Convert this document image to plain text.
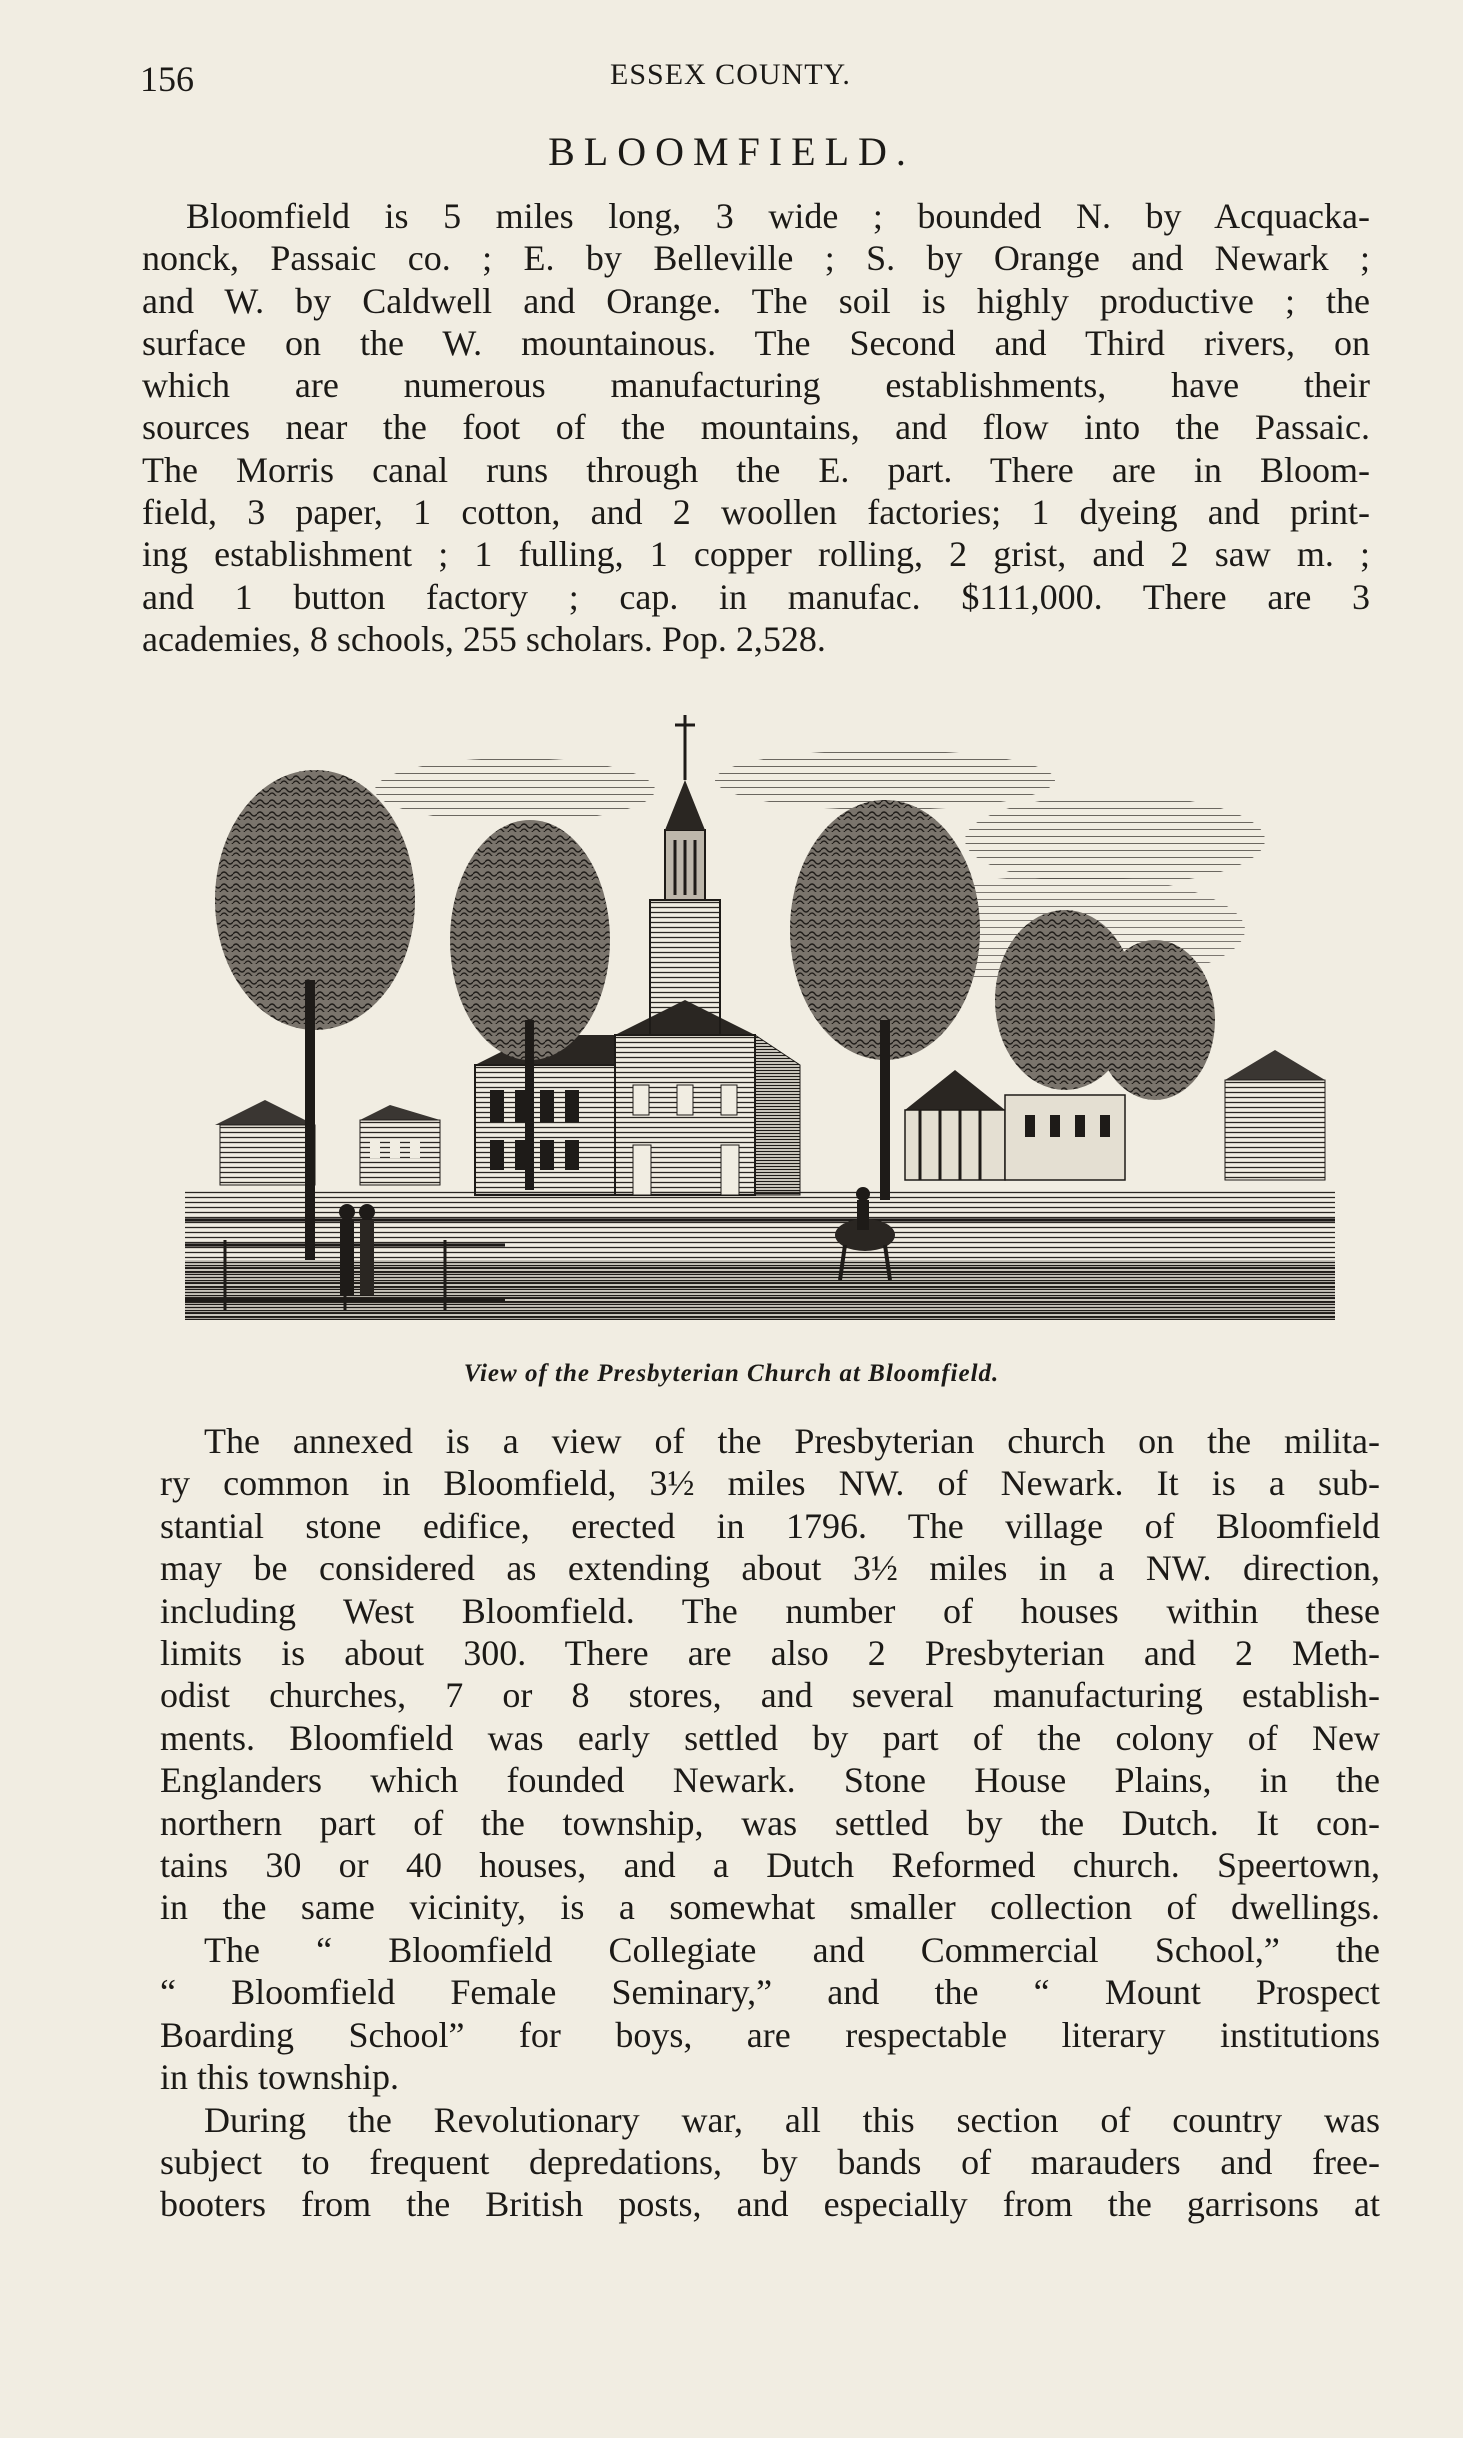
156	ESSEX COUNTY.
BLOOMFIELD.
Bloomfield is 5 miles long, 3 wide ; bounded N. by Acquacka-
nonck, Passaic co. ; E. by Belleville ; S. by Orange and Newark ;
and W. by Caldwell and Orange. The soil is highly productive ; the
surface on the W. mountainous. The Second and Third rivers, on
which are numerous manufacturing establishments, have their
sources near the foot of the mountains, and flow into the Passaic.
The Morris canal runs through the E. part. There are in Bloom-
field, 3 paper, 1 cotton, and 2 woollen factories; 1 dyeing and print-
ing establishment ; 1 fulling, 1 copper rolling, 2 grist, and 2 saw m. ;
and 1 button factory ; cap. in manufac. $111,000. There are 3
academies, 8 schools, 255 scholars. Pop. 2,528.
View of the Presbyterian Church at Bloomfield.
The annexed is a view of the Presbyterian church on the milita-
ry common in Bloomfield, 3½ miles NW. of Newark. It is a sub-
stantial stone edifice, erected in 1796. The village of Bloomfield
may be considered as extending about 3½ miles in a NW. direction,
including West Bloomfield. The number of houses within these
limits is about 300. There are also 2 Presbyterian and 2 Meth-
odist churches, 7 or 8 stores, and several manufacturing establish-
ments. Bloomfield was early settled by part of the colony of New
Englanders which founded Newark. Stone House Plains, in the
northern part of the township, was settled by the Dutch. It con-
tains 30 or 40 houses, and a Dutch Reformed church. Speertown,
in the same vicinity, is a somewhat smaller collection of dwellings.
The “ Bloomfield Collegiate and Commercial School,” the
“ Bloomfield Female Seminary,” and the “ Mount Prospect
Boarding School” for boys, are respectable literary institutions
in this township.
During the Revolutionary war, all this section of country was
subject to frequent depredations, by bands of marauders and free-
booters from the British posts, and especially from the garrisons at
